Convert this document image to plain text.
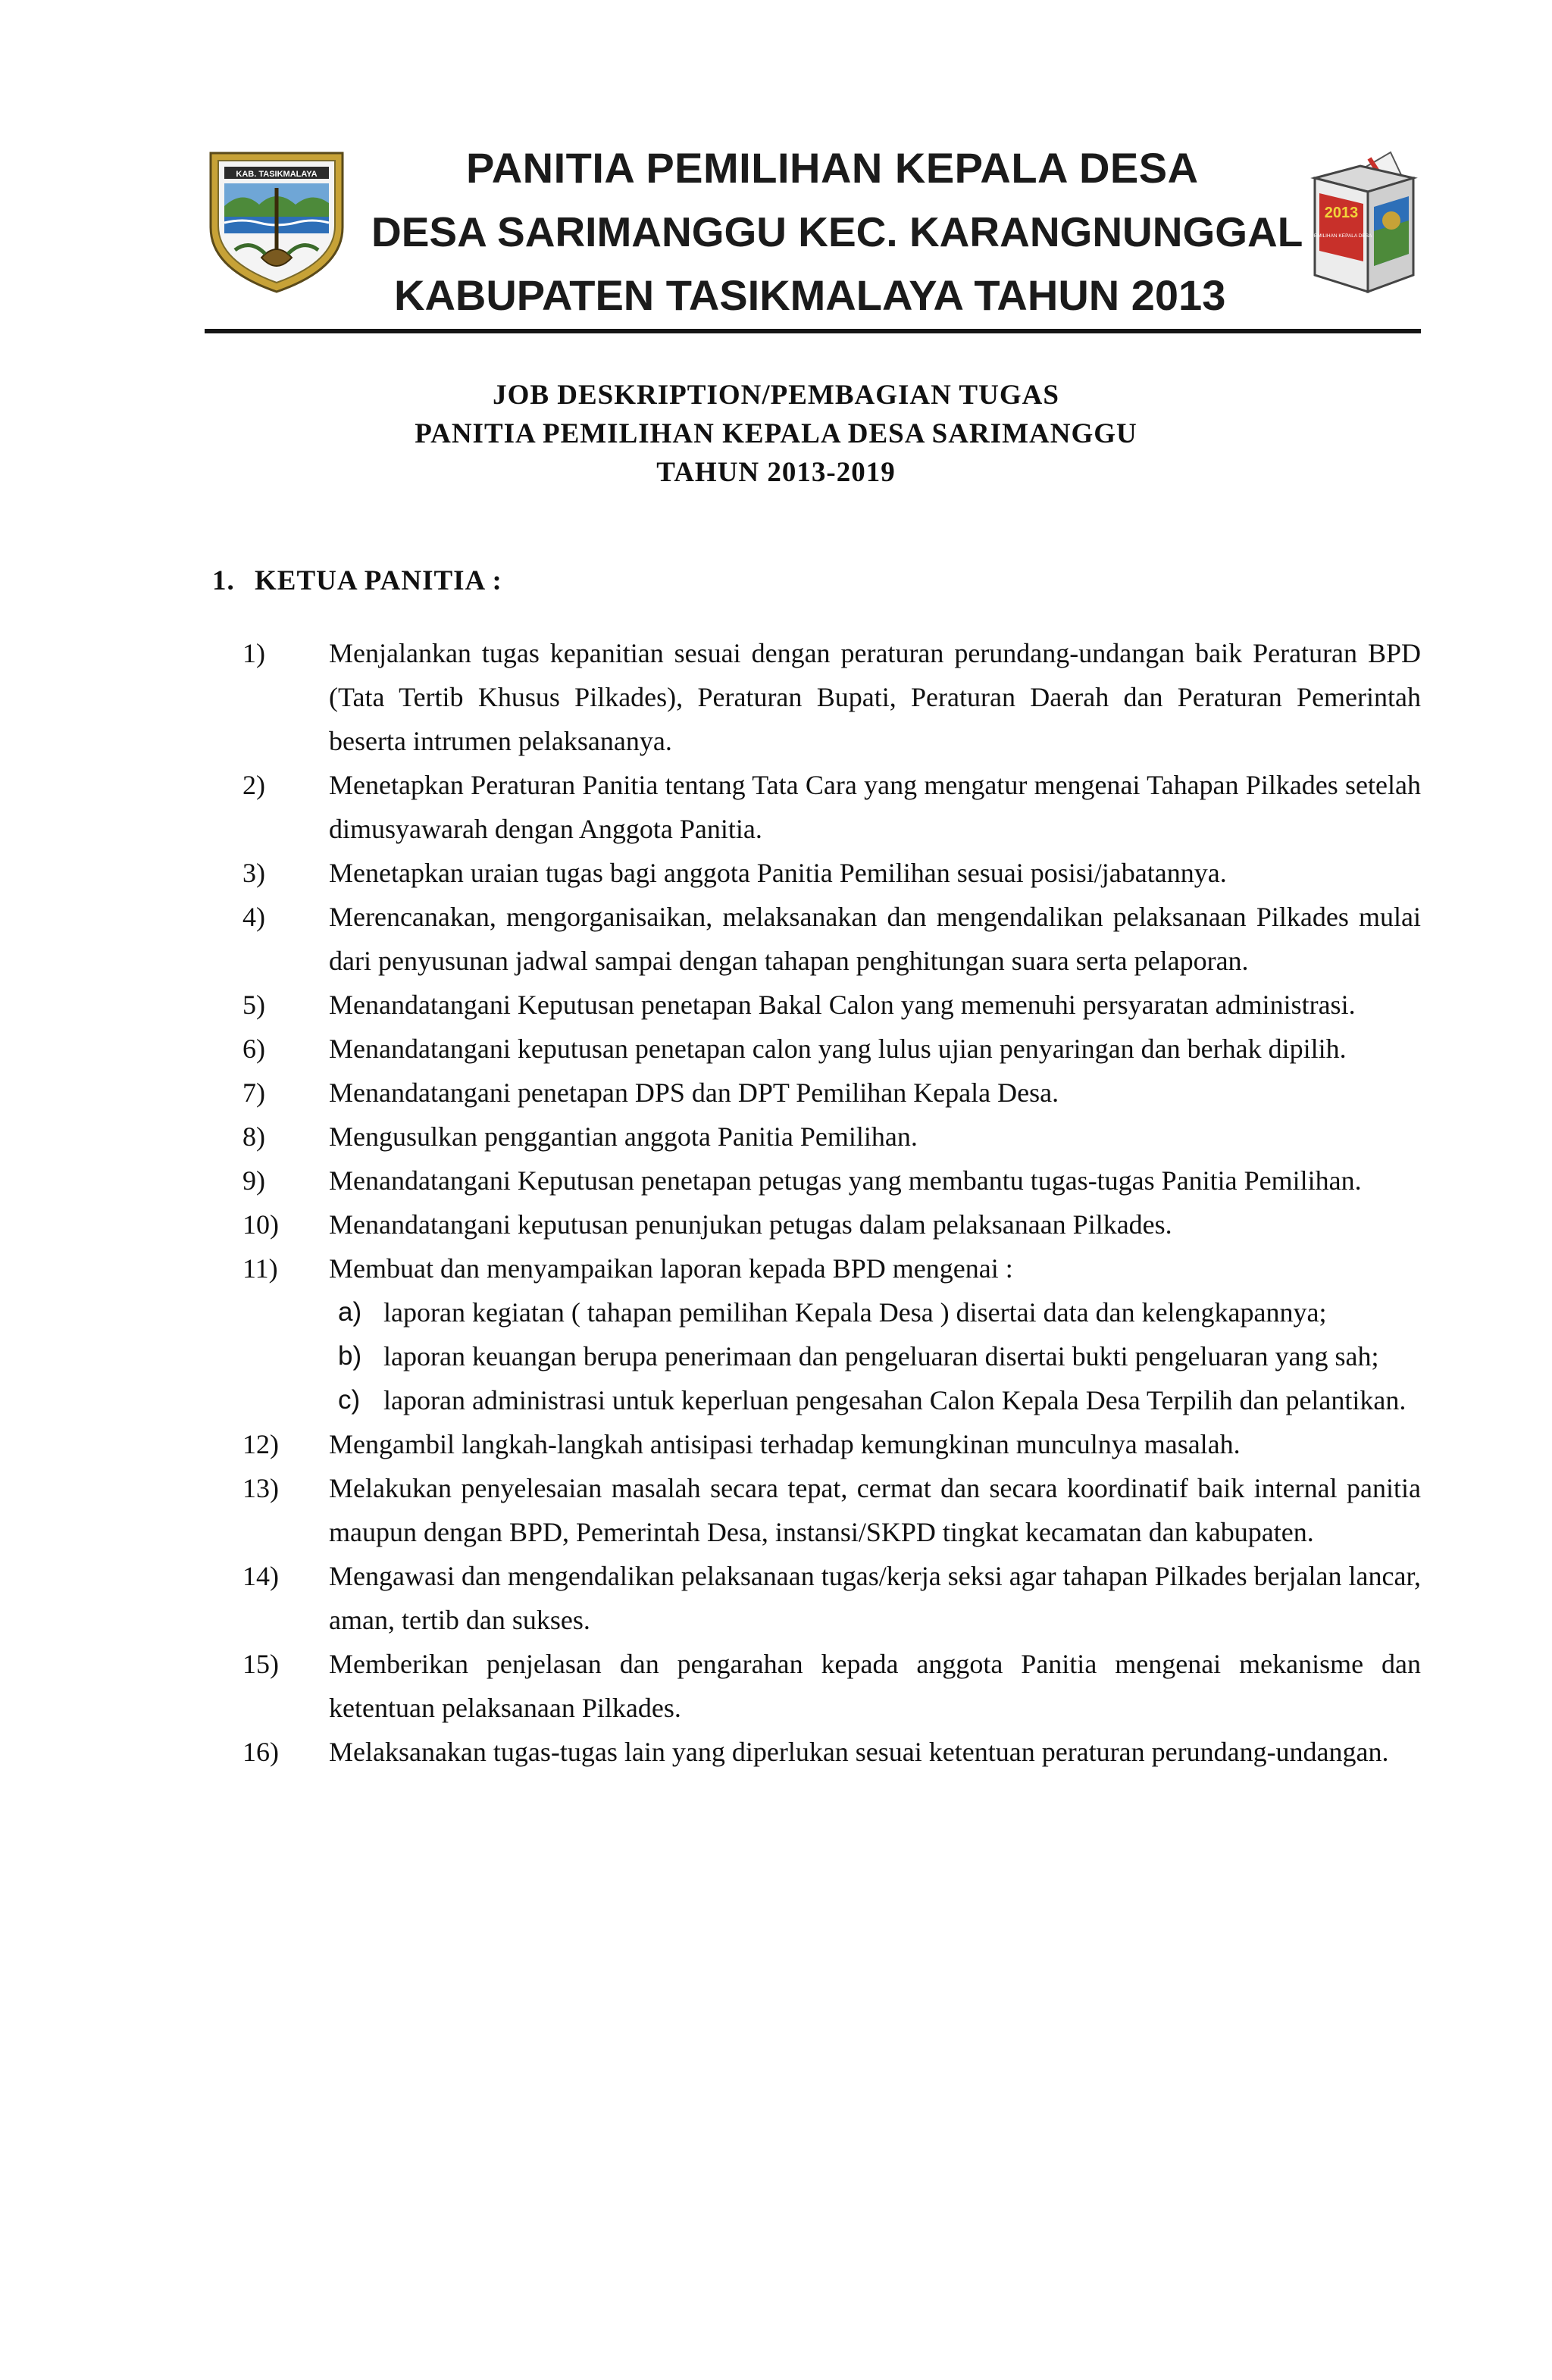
KAB. TASIKMALAYA	PANITIA PEMILIHAN KEPALA DESA
DESA SARIMANGGU KEC. KARANGNUNGGAL
KABUPATEN TASIKMALAYA TAHUN 2013
2013
PEMILIHAN KEPALA DESA
JOB DESKRIPTION/PEMBAGIAN TUGAS
PANITIA PEMILIHAN KEPALA DESA SARIMANGGU
TAHUN 2013-2019
1. KETUA PANITIA :
1)	Menjalankan tugas kepanitian sesuai dengan peraturan perundang-undangan baik Peraturan BPD (Tata Tertib Khusus Pilkades), Peraturan Bupati, Peraturan Daerah dan Peraturan Pemerintah beserta intrumen pelaksananya.
2)	Menetapkan Peraturan Panitia tentang Tata Cara yang mengatur mengenai Tahapan Pilkades setelah dimusyawarah dengan Anggota Panitia.
3)	Menetapkan uraian tugas bagi anggota Panitia Pemilihan sesuai posisi/jabatannya.
4)	Merencanakan, mengorganisaikan, melaksanakan dan mengendalikan pelaksanaan Pilkades mulai dari penyusunan jadwal sampai dengan tahapan penghitungan suara serta pelaporan.
5)	Menandatangani Keputusan penetapan Bakal Calon yang memenuhi persyaratan administrasi.
6)	Menandatangani keputusan penetapan calon yang lulus ujian penyaringan dan berhak dipilih.
7)	Menandatangani penetapan DPS dan DPT Pemilihan Kepala Desa.
8)	Mengusulkan penggantian anggota Panitia Pemilihan.
9)	Menandatangani Keputusan penetapan petugas yang membantu tugas-tugas Panitia Pemilihan.
10)	Menandatangani keputusan penunjukan petugas dalam pelaksanaan Pilkades.
11)	Membuat dan menyampaikan laporan kepada BPD mengenai :
a) laporan kegiatan ( tahapan pemilihan Kepala Desa ) disertai data dan kelengkapannya;
b) laporan keuangan berupa penerimaan dan pengeluaran disertai bukti pengeluaran yang sah;
c) laporan administrasi untuk keperluan pengesahan Calon Kepala Desa Terpilih dan pelantikan.
12)	Mengambil langkah-langkah antisipasi terhadap kemungkinan munculnya masalah.
13)	Melakukan penyelesaian masalah secara tepat, cermat dan secara koordinatif baik internal panitia maupun dengan BPD, Pemerintah Desa, instansi/SKPD tingkat kecamatan dan kabupaten.
14)	Mengawasi dan mengendalikan pelaksanaan tugas/kerja seksi agar tahapan Pilkades berjalan lancar, aman, tertib dan sukses.
15)	Memberikan penjelasan dan pengarahan kepada anggota Panitia mengenai mekanisme dan ketentuan pelaksanaan Pilkades.
16)	Melaksanakan tugas-tugas lain yang diperlukan sesuai ketentuan peraturan perundang-undangan.
